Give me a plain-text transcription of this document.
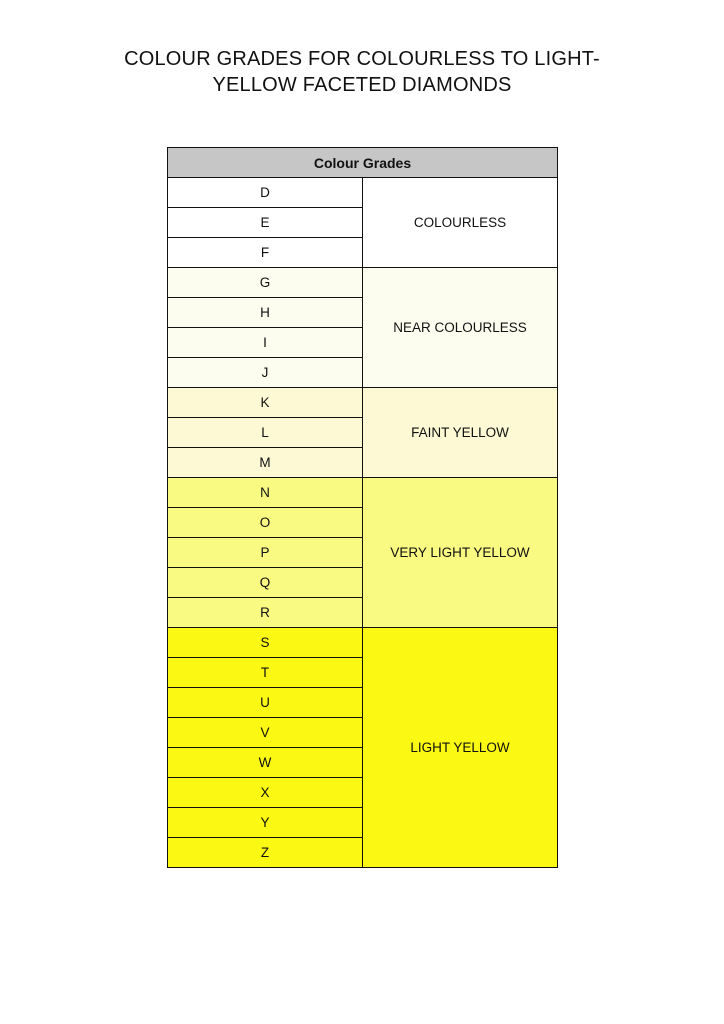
COLOUR GRADES FOR COLOURLESS TO LIGHT-
YELLOW FACETED DIAMONDS
Colour Grades	
D	COLOURLESS
E	
F	
G	NEAR COLOURLESS
H	
I	
J	
K	FAINT YELLOW
L	
M	
N	VERY LIGHT YELLOW
O	
P	
Q	
R	
S	LIGHT YELLOW
T	
U	
V	
W	
X	
Y	
Z	
